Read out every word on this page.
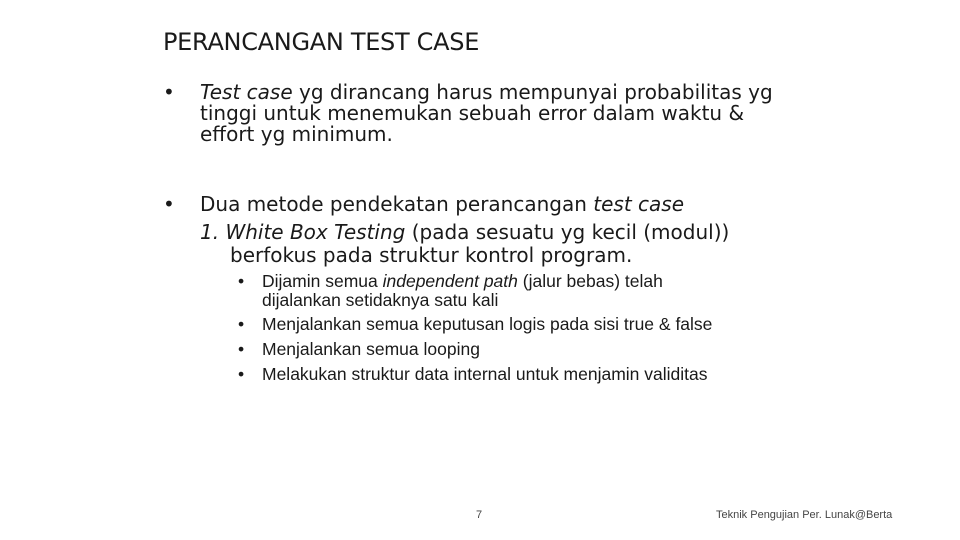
PERANCANGAN TEST CASE
• Test case yg dirancang harus mempunyai probabilitas yg
tinggi untuk menemukan sebuah error dalam waktu &
effort yg minimum.
• Dua metode pendekatan perancangan test case
1. White Box Testing (pada sesuatu yg kecil (modul))
berfokus pada struktur kontrol program.
• Dijamin semua independent path (jalur bebas) telah
dijalankan setidaknya satu kali
• Menjalankan semua keputusan logis pada sisi true & false
• Menjalankan semua looping
• Melakukan struktur data internal untuk menjamin validitas
7	Teknik Pengujian Per. Lunak@Berta
